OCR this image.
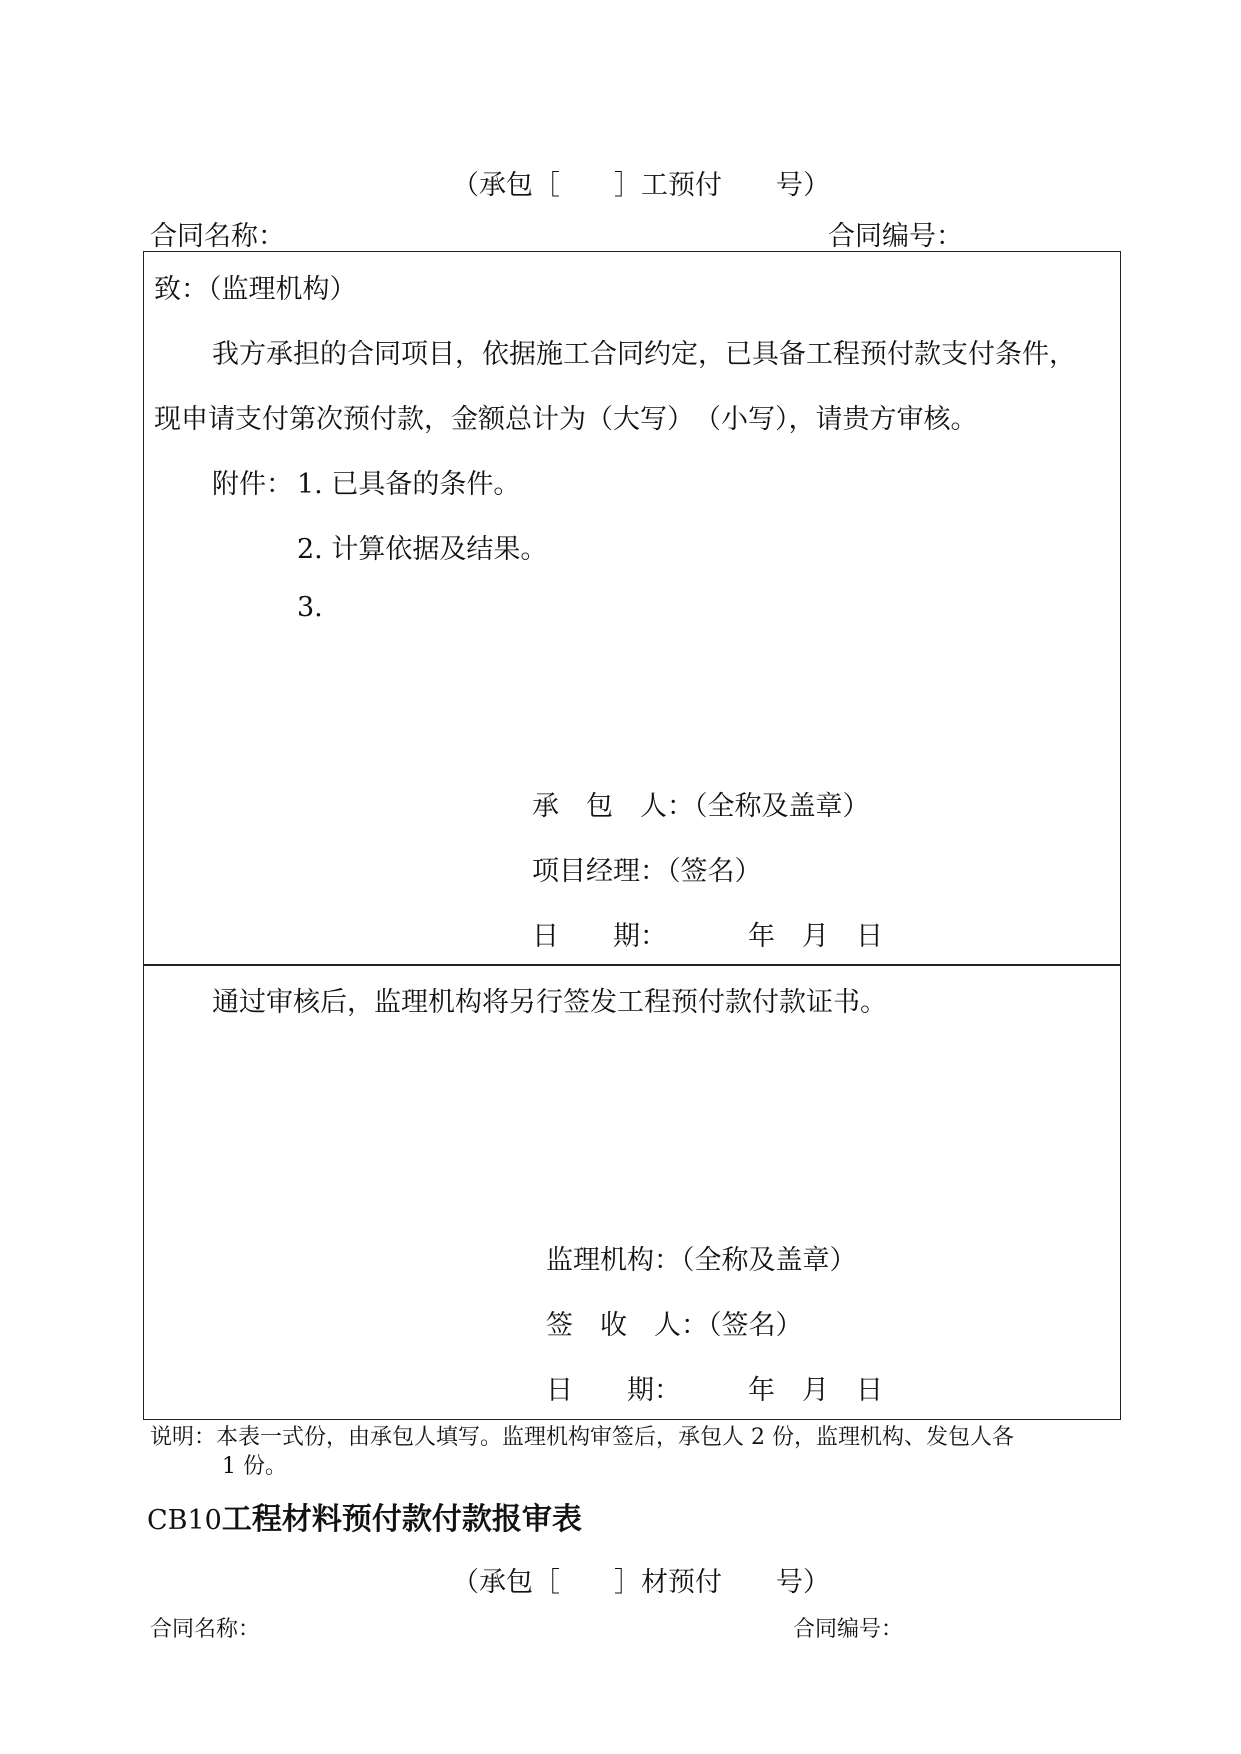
（承包［　　］工预付　　号）
合同名称：	合同编号：
致：（监理机构）
我方承担的合同项目，依据施工合同约定，已具备工程预付款支付条件，
现申请支付第次预付款，金额总计为（大写）　（小写），请贵方审核。
附件： 1. 已具备的条件。
2. 计算依据及结果。
3.
承　包　人：（全称及盖章）
项目经理：（签名）
日　　期：	年　月　日
通过审核后，监理机构将另行签发工程预付款付款证书。
监理机构：（全称及盖章）
签　收　人：（签名）
日　　期： 年　月　日
说明：本表一式份，由承包人填写。监理机构审签后，承包人 2 份，监理机构、发包人各
1 份。
CB10工程材料预付款付款报审表
（承包［　　］材预付　　号）
合同名称：	合同编号：
